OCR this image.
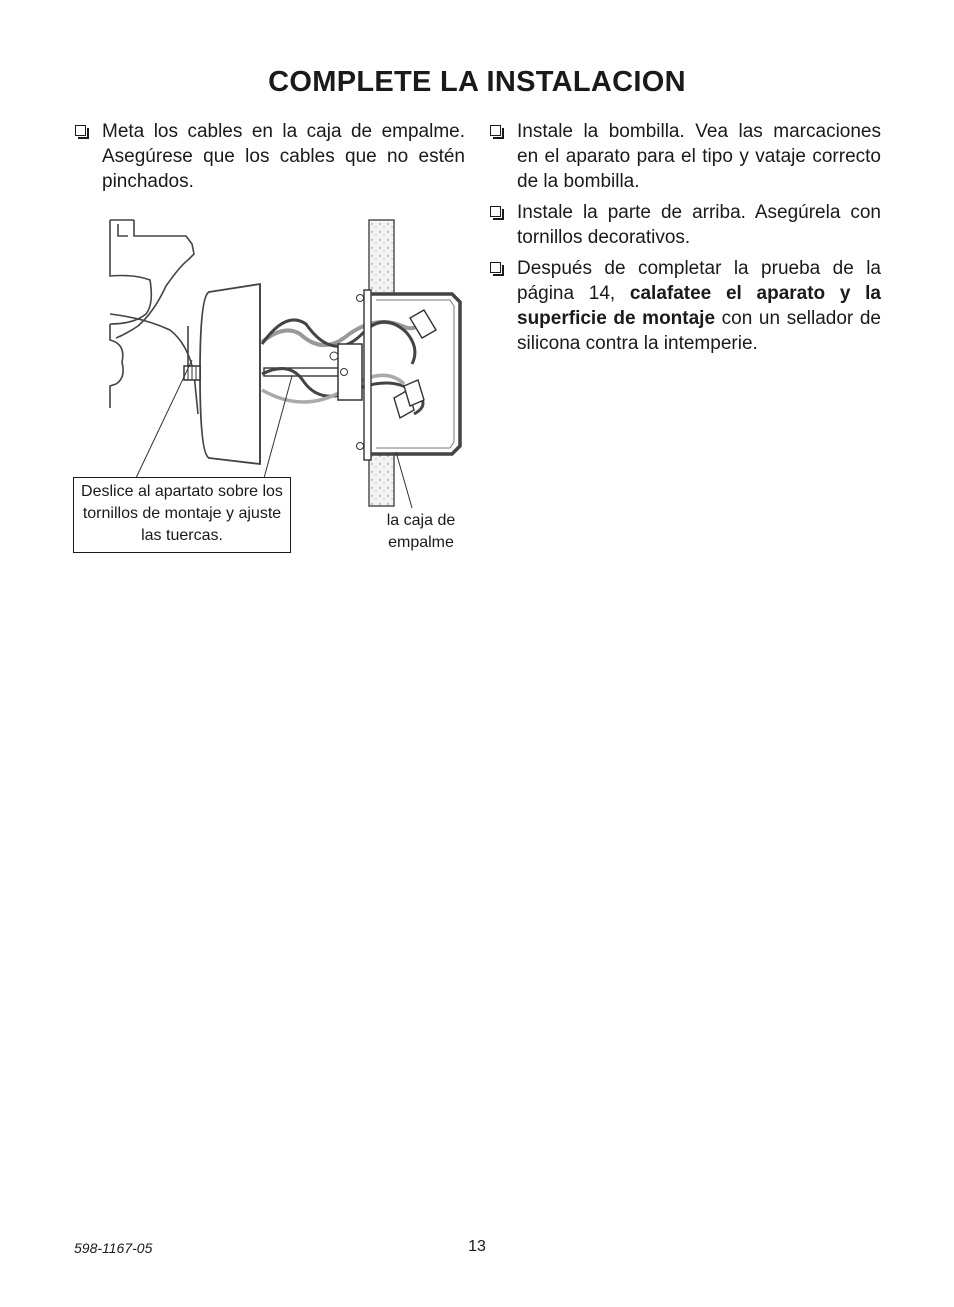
COMPLETE LA INSTALACION
Meta los cables en la caja de empalme. Asegúrese que los cables que no estén pinchados.
Instale la bombilla. Vea las marcaciones en el aparato para el tipo y vataje correcto de la bombilla.
Instale la parte de arriba. Asegúrela con tornillos decorativos.
Después de completar la prueba de la página 14, calafatee el aparato y la superficie de montaje con un sellador de silicona contra la intemperie.
Deslice al apartato sobre los tornillos de montaje y ajuste las tuercas.
la caja de empalme
598-1167-05	13
